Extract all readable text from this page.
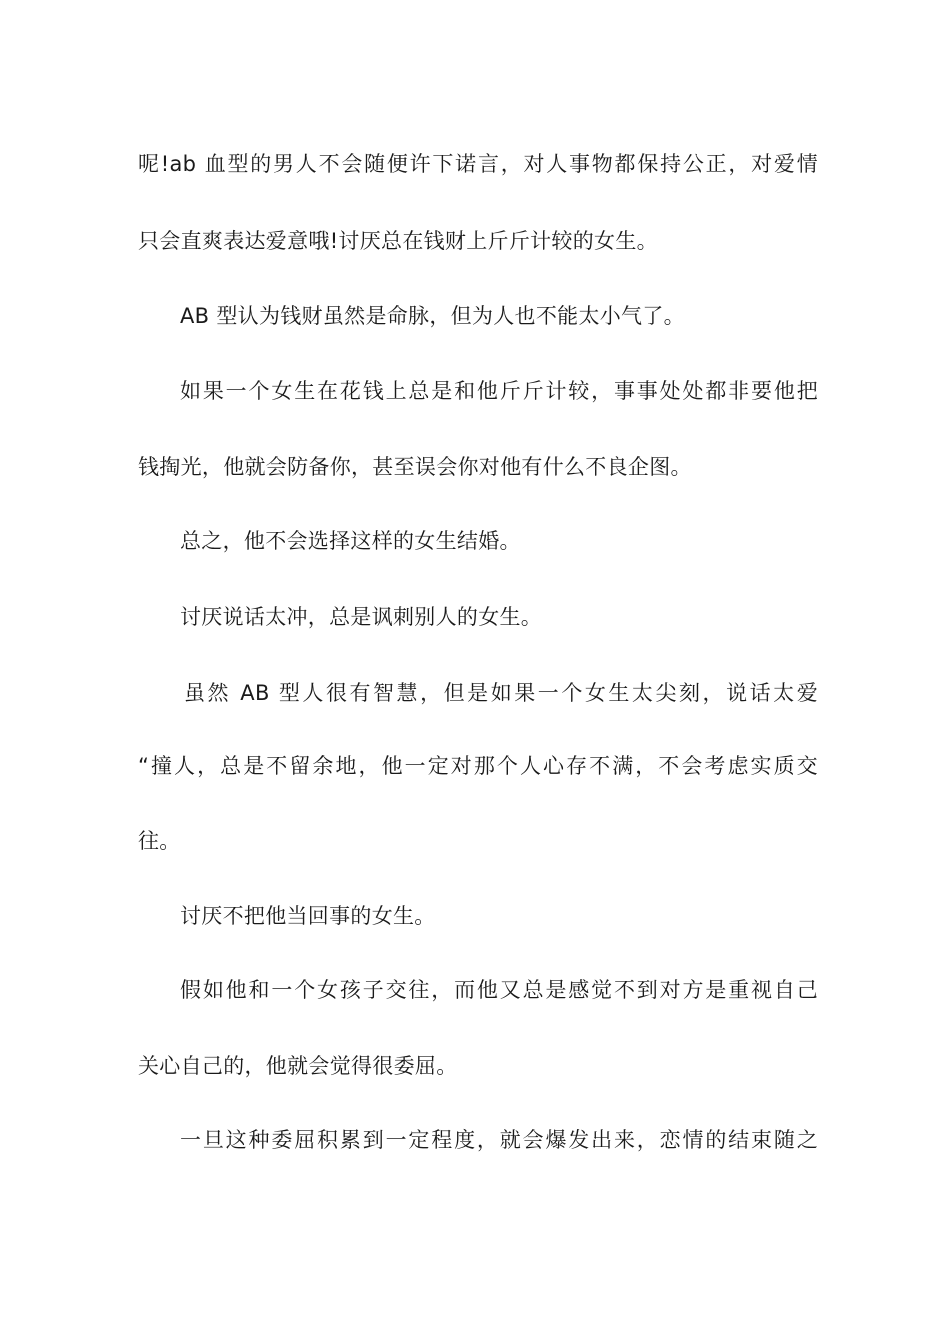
呢!ab 血型的男人不会随便许下诺言，对人事物都保持公正，对爱情
只会直爽表达爱意哦!讨厌总在钱财上斤斤计较的女生。
AB 型认为钱财虽然是命脉，但为人也不能太小气了。
如果一个女生在花钱上总是和他斤斤计较，事事处处都非要他把
钱掏光，他就会防备你，甚至误会你对他有什么不良企图。
总之，他不会选择这样的女生结婚。
讨厌说话太冲，总是讽刺别人的女生。
虽然 AB 型人很有智慧，但是如果一个女生太尖刻，说话太爱
“撞人，总是不留余地，他一定对那个人心存不满，不会考虑实质交
往。
讨厌不把他当回事的女生。
假如他和一个女孩子交往，而他又总是感觉不到对方是重视自己
关心自己的，他就会觉得很委屈。
一旦这种委屈积累到一定程度，就会爆发出来，恋情的结束随之
